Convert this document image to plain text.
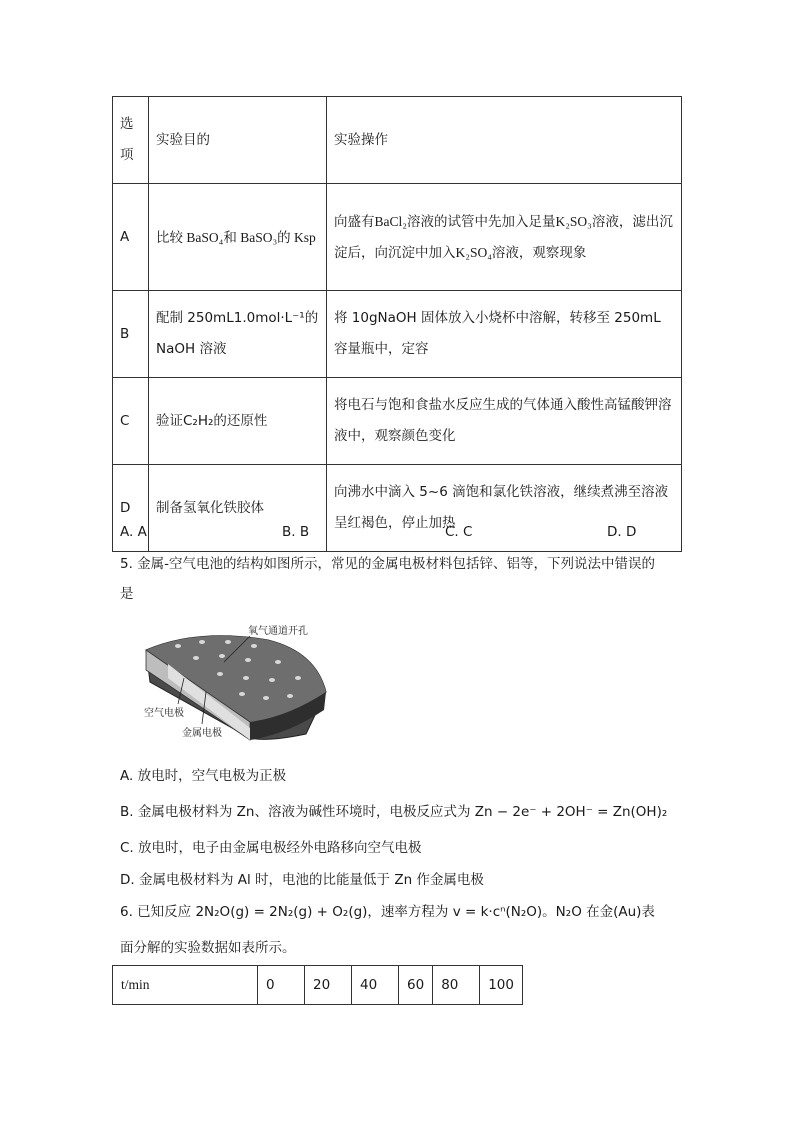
选项	实验目的	实验操作
A	比较 BaSO₄和 BaSO₃的 Ksp	向盛有BaCl₂溶液的试管中先加入足量K₂SO₃溶液，滤出沉淀后，向沉淀中加入K₂SO₄溶液，观察现象
B	配制 250mL1.0mol·L⁻¹的 NaOH 溶液	将 10gNaOH 固体放入小烧杯中溶解，转移至 250mL 容量瓶中，定容
C	验证C₂H₂的还原性	将电石与饱和食盐水反应生成的气体通入酸性高锰酸钾溶液中，观察颜色变化
D	制备氢氧化铁胶体	向沸水中滴入 5~6 滴饱和氯化铁溶液，继续煮沸至溶液呈红褐色，停止加热
A. A	B. B	C. C	D. D
5. 金属-空气电池的结构如图所示，常见的金属电极材料包括锌、铝等，下列说法中错误的
是
氧气通道开孔
空气电极
金属电极
A. 放电时，空气电极为正极
B. 金属电极材料为 Zn、溶液为碱性环境时，电极反应式为 Zn − 2e⁻ + 2OH⁻ = Zn(OH)₂
C. 放电时，电子由金属电极经外电路移向空气电极
D. 金属电极材料为 Al 时，电池的比能量低于 Zn 作金属电极
6. 已知反应 2N₂O(g) = 2N₂(g) + O₂(g)，速率方程为 v = k·cⁿ(N₂O)。N₂O 在金(Au)表
面分解的实验数据如表所示。
t/min	0	20	40	60	80	100
